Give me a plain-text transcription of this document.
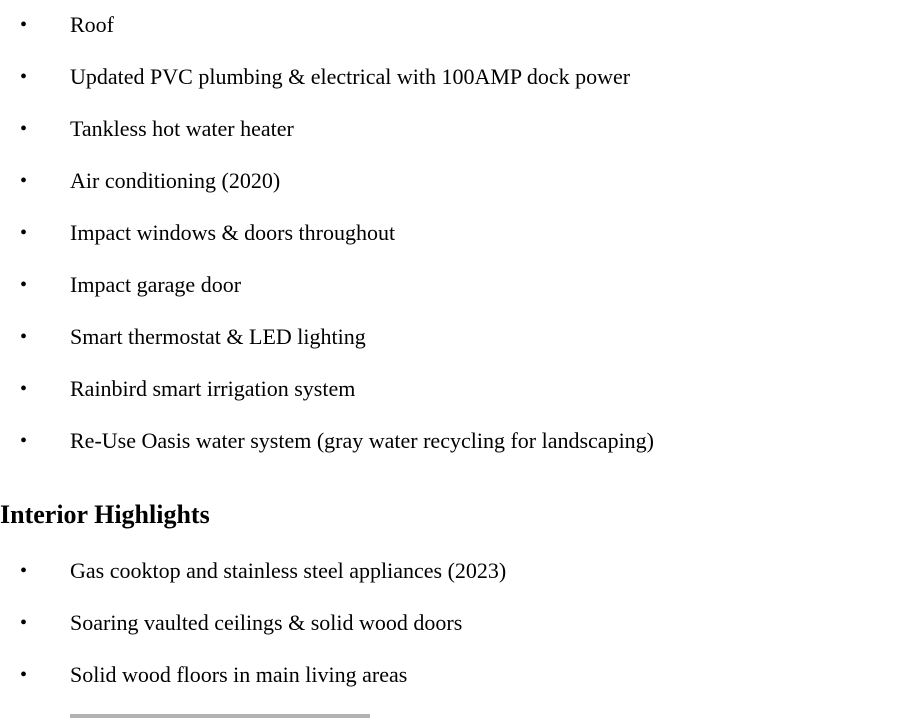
• Roof
• Updated PVC plumbing & electrical with 100AMP dock power
• Tankless hot water heater
• Air conditioning (2020)
• Impact windows & doors throughout
• Impact garage door
• Smart thermostat & LED lighting
• Rainbird smart irrigation system
• Re-Use Oasis water system (gray water recycling for landscaping)
Interior Highlights
• Gas cooktop and stainless steel appliances (2023)
• Soaring vaulted ceilings & solid wood doors
• Solid wood floors in main living areas
